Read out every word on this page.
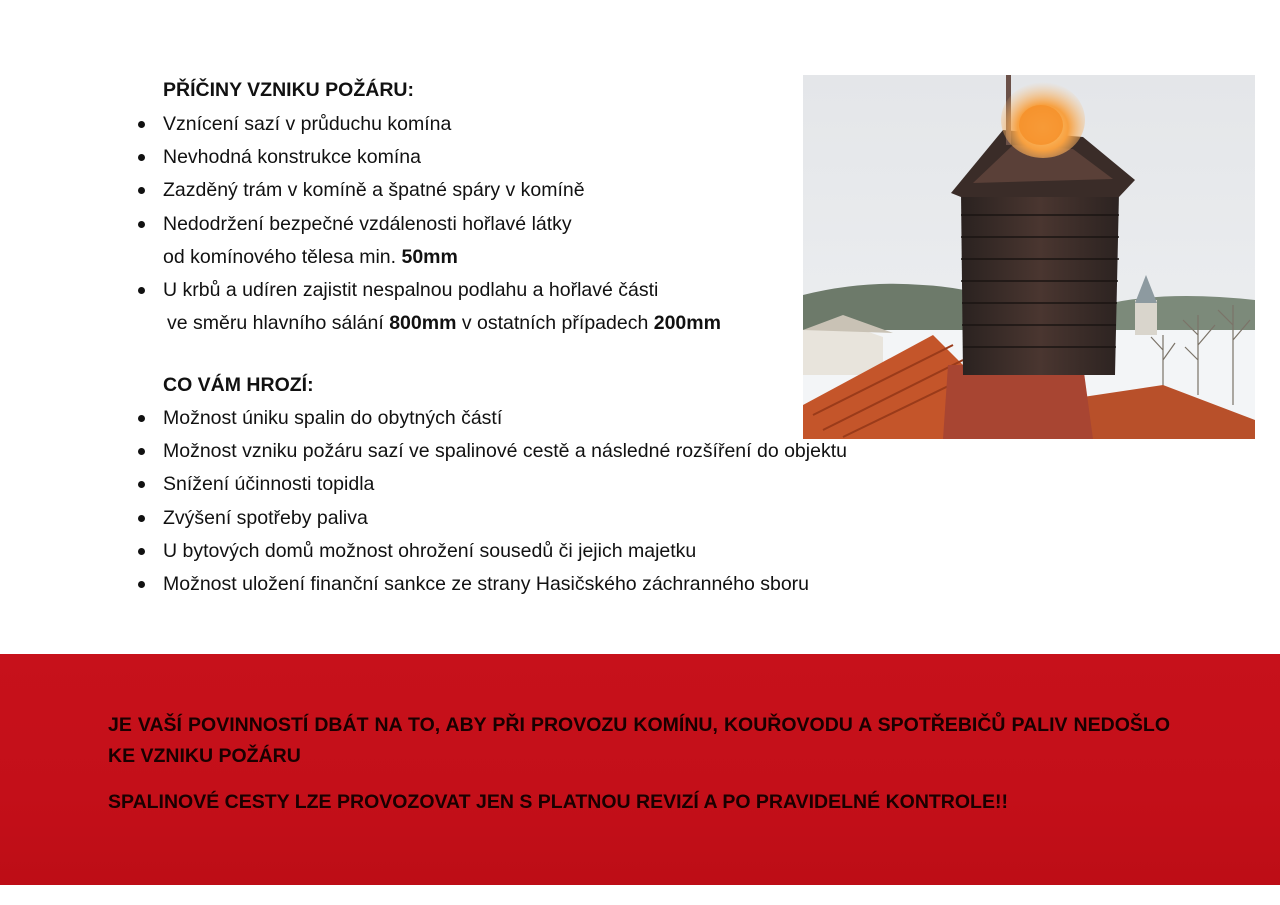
PŘÍČINY VZNIKU POŽÁRU:
Vznícení sazí v průduchu komína
Nevhodná konstrukce komína
Zazděný trám v komíně a špatné spáry v komíně
Nedodržení bezpečné vzdálenosti hořlavé látky
od komínového tělesa min. 50mm
U krbů a udíren zajistit nespalnou podlahu a hořlavé části
ve směru hlavního sálání 800mm v ostatních případech 200mm
CO VÁM HROZÍ:
Možnost úniku spalin do obytných částí
Možnost vzniku požáru sazí ve spalinové cestě a následné rozšíření do objektu
Snížení účinnosti topidla
Zvýšení spotřeby paliva
U bytových domů možnost ohrožení sousedů či jejich majetku
Možnost uložení finanční sankce ze strany Hasičského záchranného sboru
JE VAŠÍ POVINNOSTÍ DBÁT NA TO, ABY PŘI PROVOZU KOMÍNU, KOUŘOVODU A SPOTŘEBIČŮ PALIV NEDOŠLO KE VZNIKU POŽÁRU
SPALINOVÉ CESTY LZE PROVOZOVAT JEN S PLATNOU REVIZÍ A PO PRAVIDELNÉ KONTROLE!!
